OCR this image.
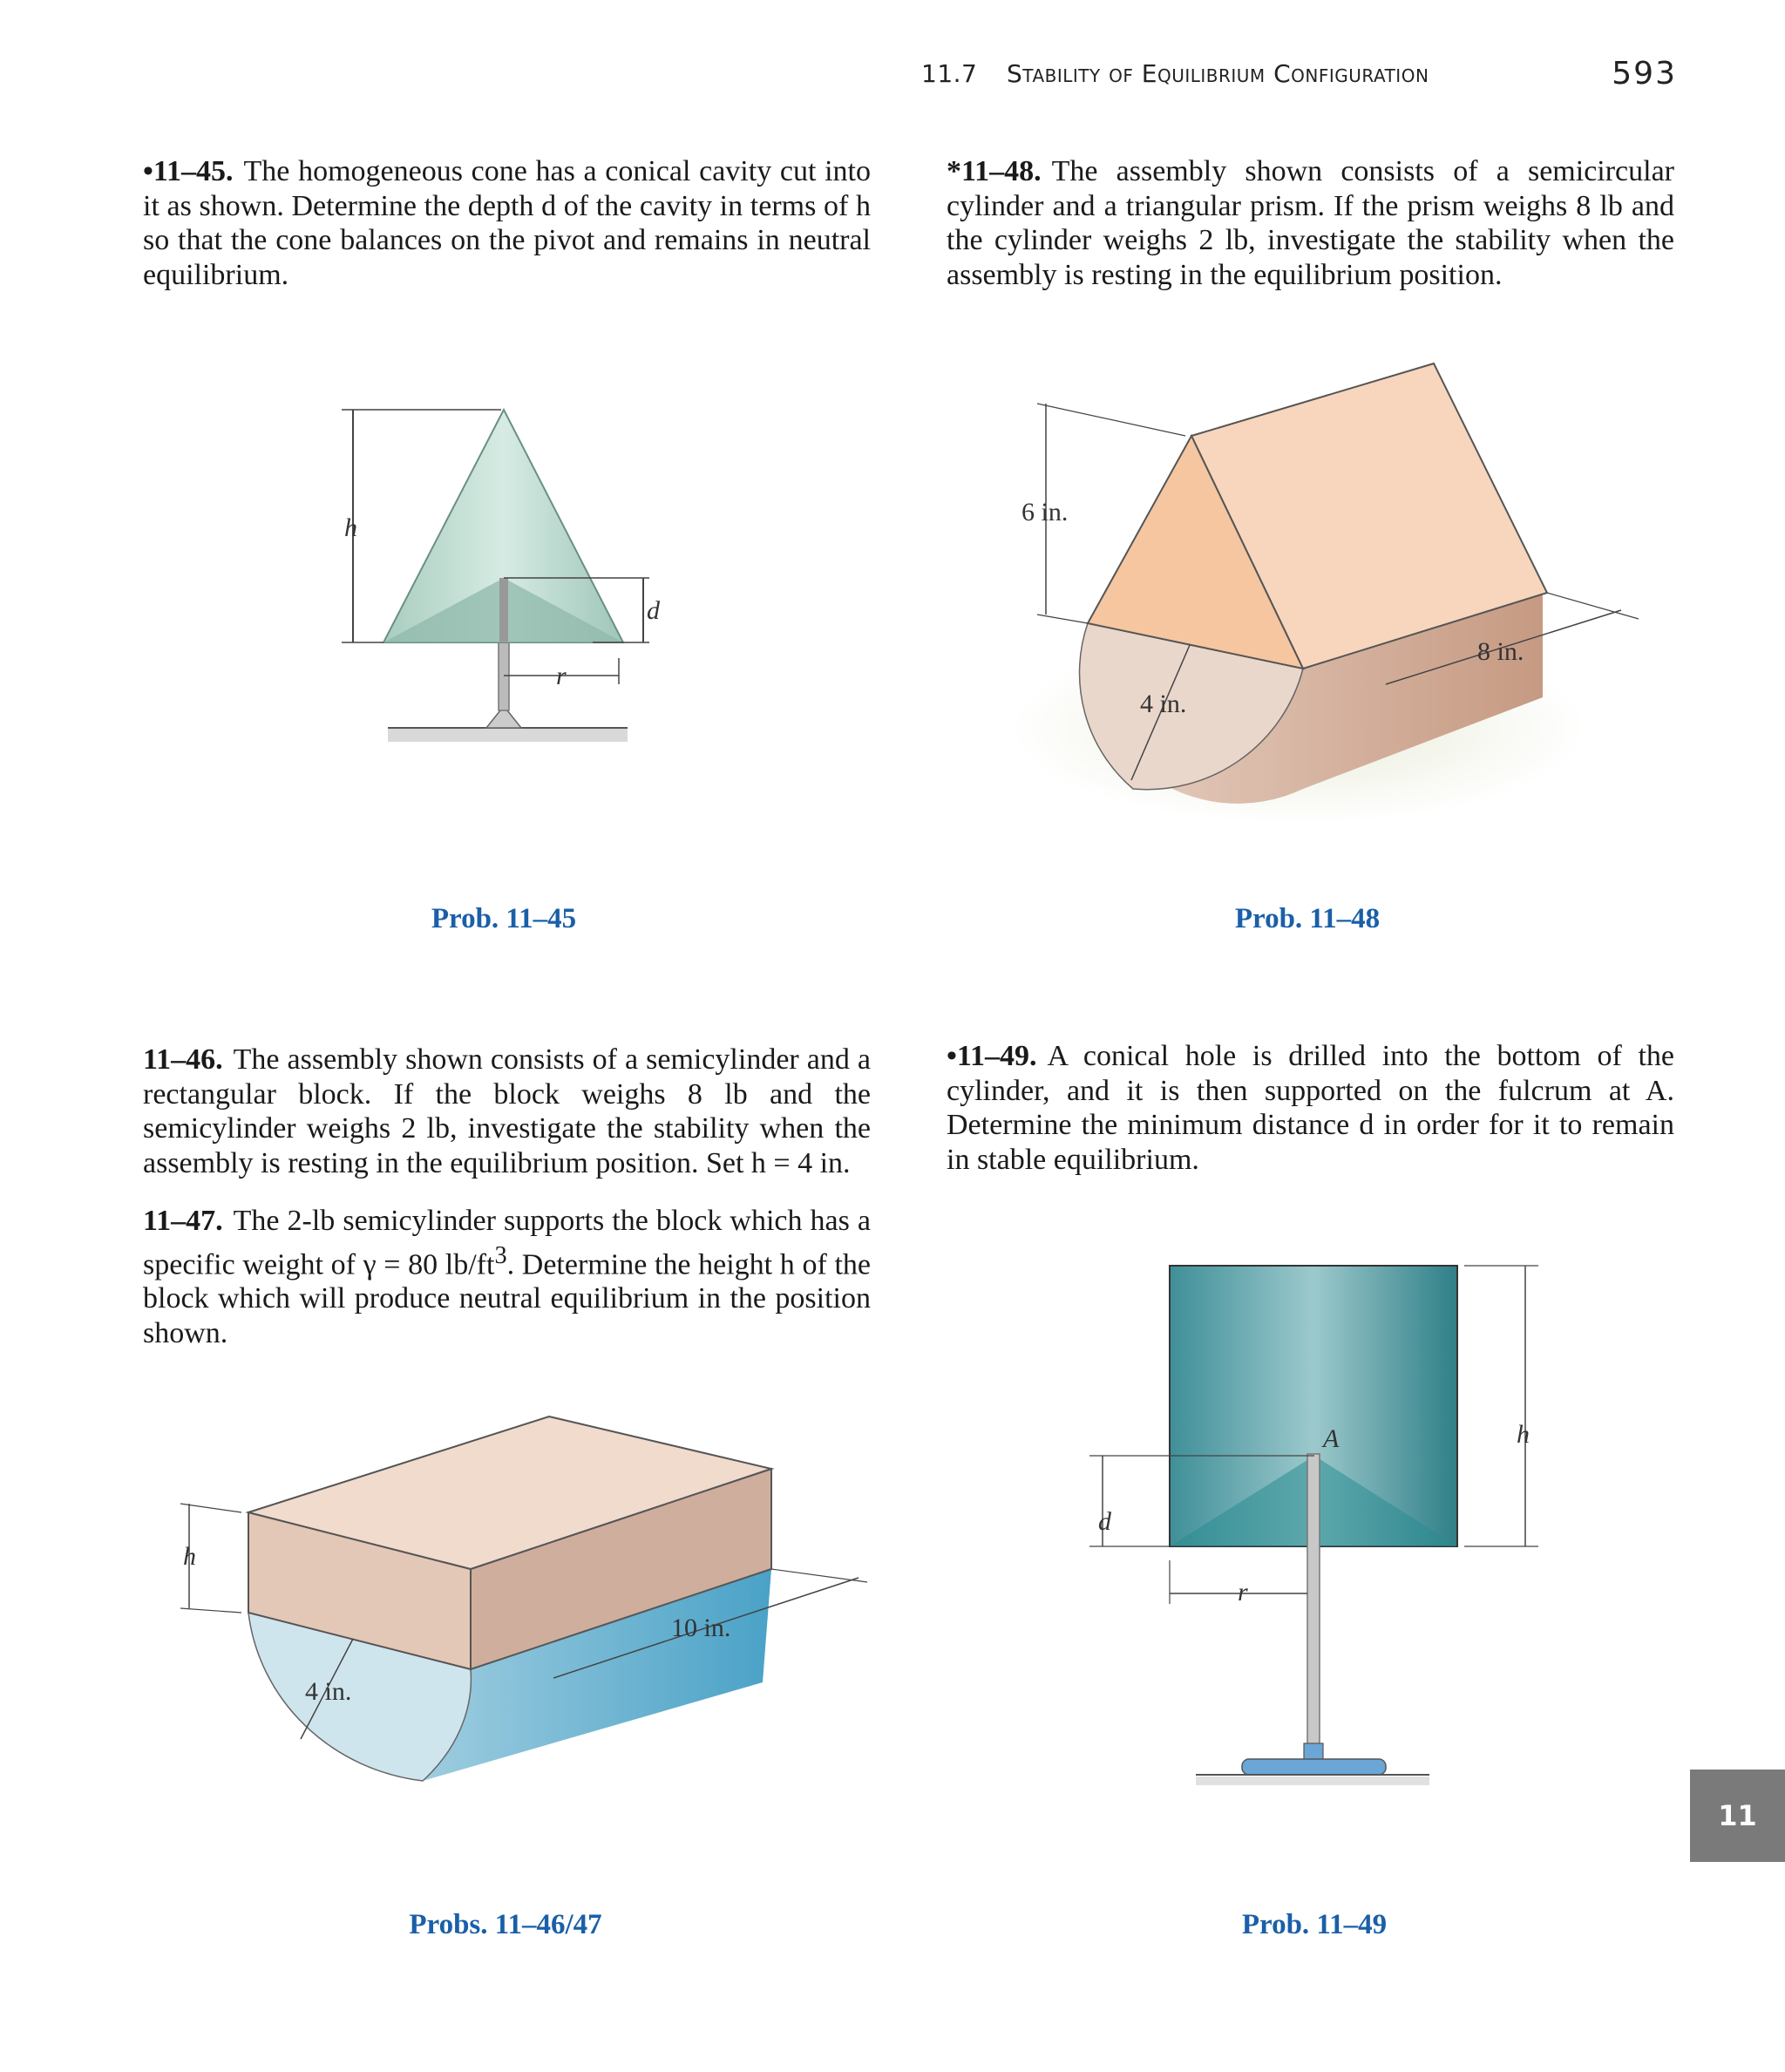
11.7 Stability of Equilibrium Configuration	593
•11–45. The homogeneous cone has a conical cavity cut into it as shown. Determine the depth d of the cavity in terms of h so that the cone balances on the pivot and remains in neutral equilibrium.
*11–48. The assembly shown consists of a semicircular cylinder and a triangular prism. If the prism weighs 8 lb and the cylinder weighs 2 lb, investigate the stability when the assembly is resting in the equilibrium position.
h
d
r
Prob. 11–45
6 in.
4 in.
8 in.
Prob. 11–48
11–46. The assembly shown consists of a semicylinder and a rectangular block. If the block weighs 8 lb and the semicylinder weighs 2 lb, investigate the stability when the assembly is resting in the equilibrium position. Set h = 4 in.
11–47. The 2-lb semicylinder supports the block which has a specific weight of γ = 80 $lb/ft^3$. Determine the height h of the block which will produce neutral equilibrium in the position shown.
•11–49. A conical hole is drilled into the bottom of the cylinder, and it is then supported on the fulcrum at A. Determine the minimum distance d in order for it to remain in stable equilibrium.
h
4 in.
10 in.
Probs. 11–46/47
A	h
d
r
Prob. 11–49
11
